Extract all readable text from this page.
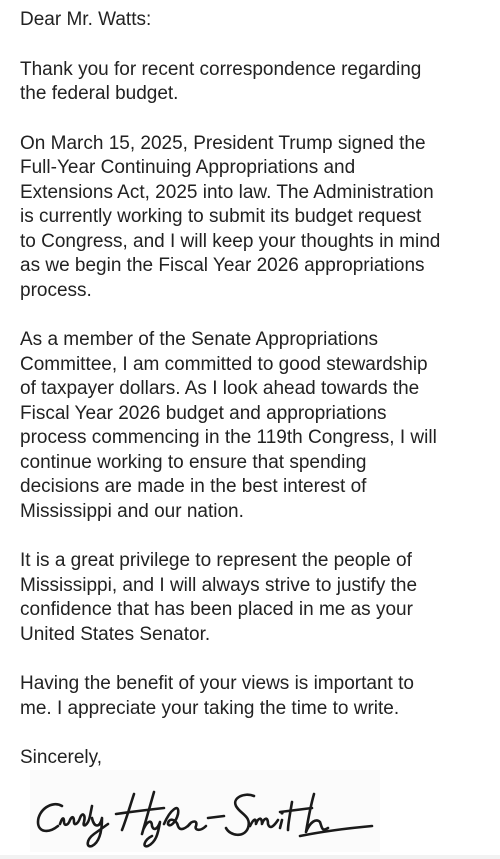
Dear Mr. Watts:

Thank you for recent correspondence regarding
the federal budget.

On March 15, 2025, President Trump signed the
Full-Year Continuing Appropriations and
Extensions Act, 2025 into law. The Administration
is currently working to submit its budget request
to Congress, and I will keep your thoughts in mind
as we begin the Fiscal Year 2026 appropriations
process.

As a member of the Senate Appropriations
Committee, I am committed to good stewardship
of taxpayer dollars. As I look ahead towards the
Fiscal Year 2026 budget and appropriations
process commencing in the 119th Congress, I will
continue working to ensure that spending
decisions are made in the best interest of
Mississippi and our nation.

It is a great privilege to represent the people of
Mississippi, and I will always strive to justify the
confidence that has been placed in me as your
United States Senator.

Having the benefit of your views is important to
me. I appreciate your taking the time to write.

Sincerely,
